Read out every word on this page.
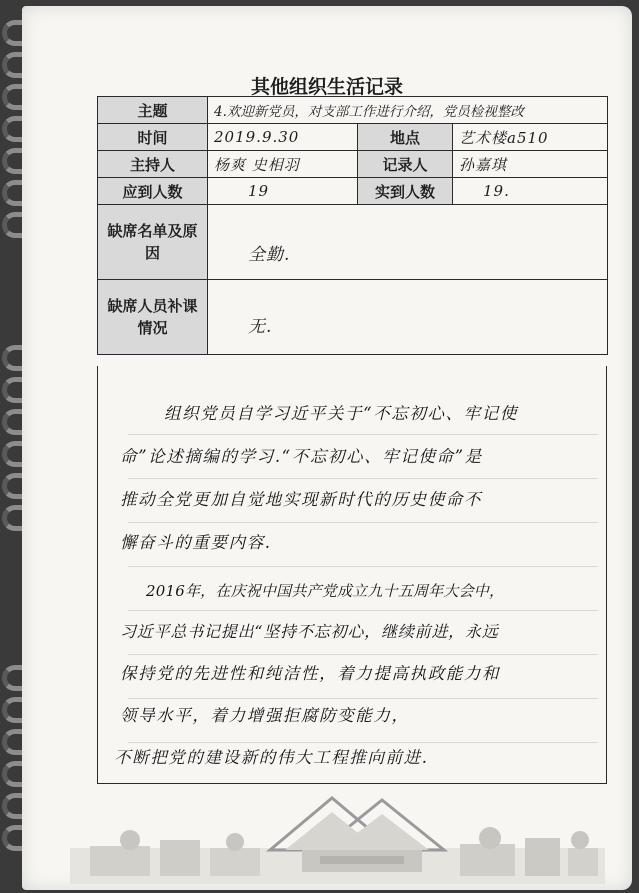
其他组织生活记录
主题	4.欢迎新党员，对支部工作进行介绍，党员检视整改		
时间	2019.9.30	地点	艺术楼a510
主持人	杨爽 史相羽	记录人	孙嘉琪
应到人数	19	实到人数	19.
缺席名单及原因	全勤.		
缺席人员补课情况	无.		
组织党员自学习近平关于“不忘初心、牢记使
命”论述摘编的学习.“不忘初心、牢记使命”是
推动全党更加自觉地实现新时代的历史使命不
懈奋斗的重要内容.
2016年，在庆祝中国共产党成立九十五周年大会中，
习近平总书记提出“坚持不忘初心，继续前进，永远
保持党的先进性和纯洁性，着力提高执政能力和
领导水平，着力增强拒腐防变能力，
不断把党的建设新的伟大工程推向前进.
